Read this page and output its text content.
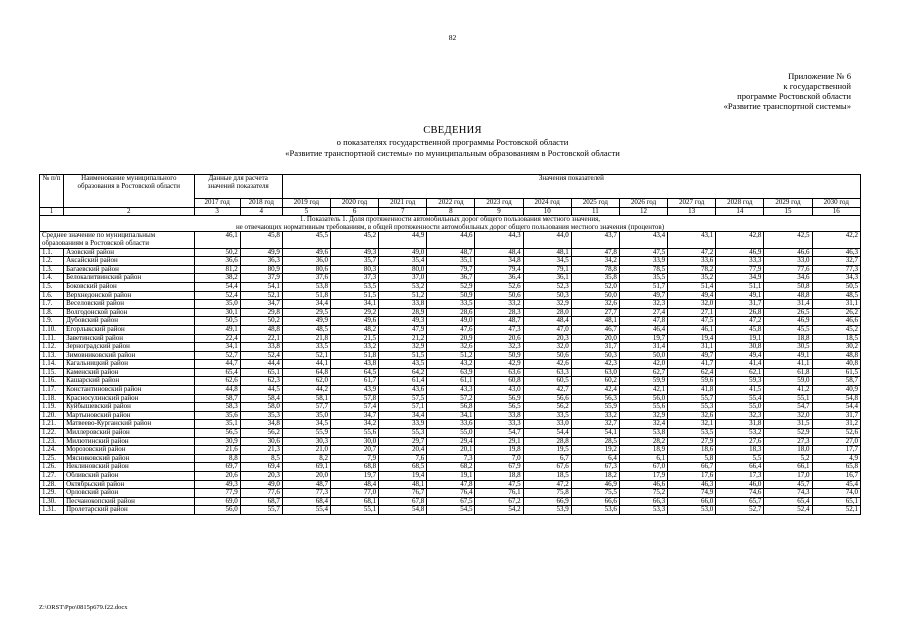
82
Приложение № 6
к государственной
программе Ростовской области
«Развитие транспортной системы»
СВЕДЕНИЯ
о показателях государственной программы Ростовской области
«Развитие транспортной системы» по муниципальным образованиям в Ростовской области
№ п/п	Наименование муниципального образования в Ростовской области	Данные для расчета значений показателя		Значения показателей											
		2017 год	2018 год	2019 год	2020 год	2021 год	2022 год	2023 год	2024 год	2025 год	2026 год	2027 год	2028 год	2029 год	2030 год
1	2	3	4	5	6	7	8	9	10	11	12	13	14	15	16

1. Показатель 1. Доля протяженности автомобильных дорог общего пользования местного значения,
не отвечающих нормативным требованиям, в общей протяженности автомобильных дорог общего пользования местного значения (процентов)															

Среднее значение по муниципальным образованиям в Ростовской области		46,1	45,8	45,5	45,2	44,9	44,6	44,3	44,0	43,7	43,4	43,1	42,8	42,5	42,2
1.1.	Азовский район	50,2	49,9	49,6	49,3	49,0	48,7	48,4	48,1	47,8	47,5	47,2	46,9	46,6	46,3
1.2.	Аксайский район	36,6	36,3	36,0	35,7	35,4	35,1	34,8	34,5	34,2	33,9	33,6	33,3	33,0	32,7
1.3.	Багаевский район	81,2	80,9	80,6	80,3	80,0	79,7	79,4	79,1	78,8	78,5	78,2	77,9	77,6	77,3
1.4.	Белокалитвинский район	38,2	37,9	37,6	37,3	37,0	36,7	36,4	36,1	35,8	35,5	35,2	34,9	34,6	34,3
1.5.	Боковский район	54,4	54,1	53,8	53,5	53,2	52,9	52,6	52,3	52,0	51,7	51,4	51,1	50,8	50,5
1.6.	Верхнедонской район	52,4	52,1	51,8	51,5	51,2	50,9	50,6	50,3	50,0	49,7	49,4	49,1	48,8	48,5
1.7.	Веселовский район	35,0	34,7	34,4	34,1	33,8	33,5	33,2	32,9	32,6	32,3	32,0	31,7	31,4	31,1
1.8.	Волгодонской район	30,1	29,8	29,5	29,2	28,9	28,6	28,3	28,0	27,7	27,4	27,1	26,8	26,5	26,2
1.9.	Дубовский район	50,5	50,2	49,9	49,6	49,3	49,0	48,7	48,4	48,1	47,8	47,5	47,2	46,9	46,6
1.10.	Егорлыкский район	49,1	48,8	48,5	48,2	47,9	47,6	47,3	47,0	46,7	46,4	46,1	45,8	45,5	45,2
1.11.	Заветинский район	22,4	22,1	21,8	21,5	21,2	20,9	20,6	20,3	20,0	19,7	19,4	19,1	18,8	18,5
1.12.	Зерноградский район	34,1	33,8	33,5	33,2	32,9	32,6	32,3	32,0	31,7	31,4	31,1	30,8	30,5	30,2
1.13.	Зимовниковский район	52,7	52,4	52,1	51,8	51,5	51,2	50,9	50,6	50,3	50,0	49,7	49,4	49,1	48,8
1.14.	Кагальницкий район	44,7	44,4	44,1	43,8	43,5	43,2	42,9	42,6	42,3	42,0	41,7	41,4	41,1	40,8
1.15.	Каменский район	65,4	65,1	64,8	64,5	64,2	63,9	63,6	63,3	63,0	62,7	62,4	62,1	61,8	61,5
1.16.	Кашарский район	62,6	62,3	62,0	61,7	61,4	61,1	60,8	60,5	60,2	59,9	59,6	59,3	59,0	58,7
1.17.	Константиновский район	44,8	44,5	44,2	43,9	43,6	43,3	43,0	42,7	42,4	42,1	41,8	41,5	41,2	40,9
1.18.	Красносулинский район	58,7	58,4	58,1	57,8	57,5	57,2	56,9	56,6	56,3	56,0	55,7	55,4	55,1	54,8
1.19.	Куйбышевский район	58,3	58,0	57,7	57,4	57,1	56,8	56,5	56,2	55,9	55,6	55,3	55,0	54,7	54,4
1.20.	Мартыновский район	35,6	35,3	35,0	34,7	34,4	34,1	33,8	33,5	33,2	32,9	32,6	32,3	32,0	31,7
1.21.	Матвеево-Курганский район	35,1	34,8	34,5	34,2	33,9	33,6	33,3	33,0	32,7	32,4	32,1	31,8	31,5	31,2
1.22.	Миллеровский район	56,5	56,2	55,9	55,6	55,3	55,0	54,7	54,4	54,1	53,8	53,5	53,2	52,9	52,6
1.23.	Милютинский район	30,9	30,6	30,3	30,0	29,7	29,4	29,1	28,8	28,5	28,2	27,9	27,6	27,3	27,0
1.24.	Морозовский район	21,6	21,3	21,0	20,7	20,4	20,1	19,8	19,5	19,2	18,9	18,6	18,3	18,0	17,7
1.25.	Мясниковский район	8,8	8,5	8,2	7,9	7,6	7,3	7,0	6,7	6,4	6,1	5,8	5,5	5,2	4,9
1.26.	Неклиновский район	69,7	69,4	69,1	68,8	68,5	68,2	67,9	67,6	67,3	67,0	66,7	66,4	66,1	65,8
1.27.	Обливский район	20,6	20,3	20,0	19,7	19,4	19,1	18,8	18,5	18,2	17,9	17,6	17,3	17,0	16,7
1.28.	Октябрьский район	49,3	49,0	48,7	48,4	48,1	47,8	47,5	47,2	46,9	46,6	46,3	46,0	45,7	45,4
1.29.	Орловский район	77,9	77,6	77,3	77,0	76,7	76,4	76,1	75,8	75,5	75,2	74,9	74,6	74,3	74,0
1.30.	Песчанокопский район	69,0	68,7	68,4	68,1	67,8	67,5	67,2	66,9	66,6	66,3	66,0	65,7	65,4	65,1
1.31.	Пролетарский район	56,0	55,7	55,4	55,1	54,8	54,5	54,2	53,9	53,6	53,3	53,0	52,7	52,4	52,1
Z:\ORST\Ppo\0815p679.f22.docx
